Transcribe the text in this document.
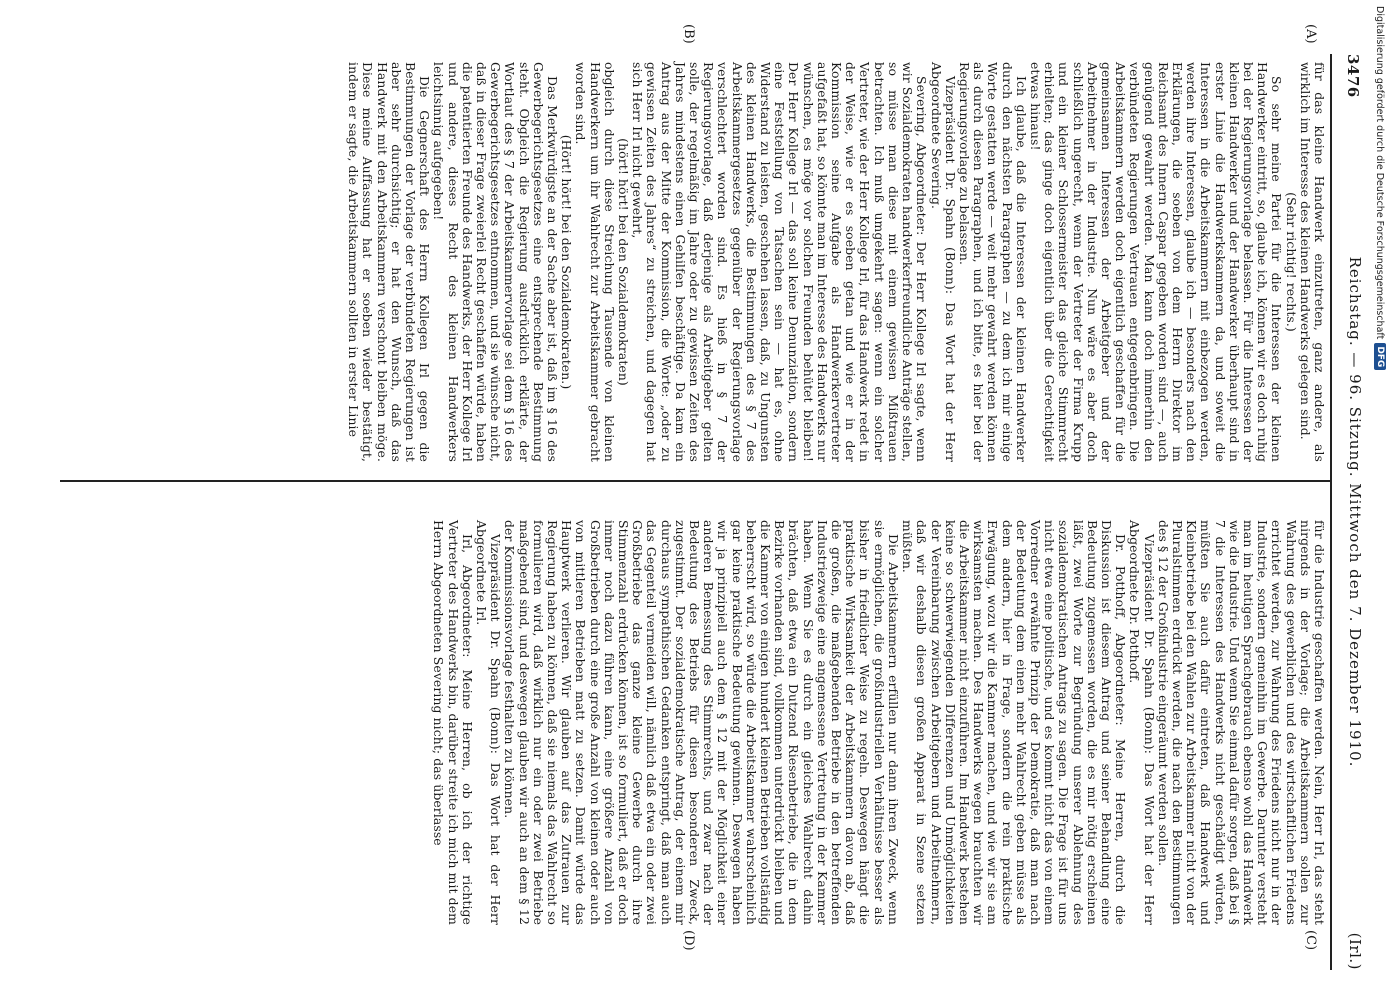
3476
Reichstag. — 96. Sitzung. Mittwoch den 7. Dezember 1910.
(Irl.)
(A)
(B)
(C)
(D)

für das kleine Handwerk einzutreten, ganz andere, als wirklich im Interesse des kleinen Handwerks gelegen sind.

(Sehr richtig! rechts.)

So sehr meine Partei für die Interessen der kleinen Handwerker eintritt, so, glaube ich, können wir es doch ruhig bei der Regierungsvorlage belassen. Für die Interessen der kleinen Handwerker und der Handwerker überhaupt sind in erster Linie die Handwerkskammern da, und soweit die Interessen in die Arbeitskammern mit einbezogen werden, werden ihre Interessen, glaube ich — besonders nach den Erklärungen, die soeben von dem Herrn Direktor im Reichsamt des Innern Caspar gegeben worden sind —, auch genügend gewahrt werden. Man kann doch immerhin den verbündeten Regierungen Vertrauen entgegenbringen. Die Arbeitskammern werden doch eigentlich geschaffen für die gemeinsamen Interessen der Arbeitgeber und der Arbeitnehmer in der Industrie. Nun wäre es aber doch schließlich ungerecht, wenn der Vertreter der Firma Krupp und ein kleiner Schlossermeister das gleiche Stimmrecht erhielten; das ginge doch eigentlich über die Gerechtigkeit etwas hinaus!

Ich glaube, daß die Interessen der kleinen Handwerker durch den nächsten Paragraphen — zu dem ich mir einige Worte gestatten werde — weit mehr gewahrt werden können als durch diesen Paragraphen, und ich bitte, es hier bei der Regierungsvorlage zu belassen.

Vizepräsident Dr. Spahn (Bonn): Das Wort hat der Herr Abgeordnete Severing.

Severing, Abgeordneter: Der Herr Kollege Irl sagte, wenn wir Sozialdemokraten handwerkerfreundliche Anträge stellen, so müsse man diese mit einem gewissen Mißtrauen betrachten. Ich muß umgekehrt sagen: wenn ein solcher Vertreter, wie der Herr Kollege Irl, für das Handwerk redet in der Weise, wie er es soeben getan und wie er in der Kommission seine Aufgabe als Handwerkervertreter aufgefaßt hat, so könnte man im Interesse des Handwerks nur wünschen, es möge vor solchen Freunden behütet bleiben! Der Herr Kollege Irl — das soll keine Denunziation, sondern eine Feststellung von Tatsachen sein — hat es, ohne Widerstand zu leisten, geschehen lassen, daß, zu Ungunsten des kleinen Handwerks, die Bestimmungen des § 7 des Arbeitskammergesetzes gegenüber der Regierungsvorlage verschlechtert worden sind. Es hieß in § 7 der Regierungsvorlage, daß derjenige als Arbeitgeber gelten solle, der regelmäßig im Jahre oder zu gewissen Zeiten des Jahres mindestens einen Gehilfen beschäftige. Da kam ein Antrag aus der Mitte der Kommission, die Worte: „oder zu gewissen Zeiten des Jahres“ zu streichen, und dagegen hat sich Herr Irl nicht gewehrt,

(hört! hört! bei den Sozialdemokraten)

obgleich durch diese Streichung Tausende von kleinen Handwerkern um ihr Wahlrecht zur Arbeitskammer gebracht worden sind.

(Hört! hört! bei den Sozialdemokraten.)

Das Merkwürdigste an der Sache aber ist, daß im § 16 des Gewerbegerichtsgesetzes eine entsprechende Bestimmung steht. Obgleich die Regierung ausdrücklich erklärte, der Wortlaut des § 7 der Arbeitskammervorlage sei dem § 16 des Gewerbegerichtsgesetzes entnommen, und sie wünsche nicht, daß in dieser Frage zweierlei Recht geschaffen würde, haben die patentierten Freunde des Handwerks, der Herr Kollege Irl und andere, dieses Recht des kleinen Handwerkers leichtsinnig aufgegeben!

Die Gegnerschaft des Herrn Kollegen Irl gegen die Bestimmungen der Vorlage der verbündeten Regierungen ist aber sehr durchsichtig; er hat den Wunsch, daß das Handwerk mit den Arbeitskammern verschont bleiben möge. Diese meine Auffassung hat er soeben wieder bestätigt, indem er sagte, die Arbeitskammern sollten in erster Linie

für die Industrie geschaffen werden. Nein, Herr Irl, das steht nirgends in der Vorlage; die Arbeitskammern sollen zur Wahrung des gewerblichen und des wirtschaftlichen Friedens errichtet werden, zur Wahrung des Friedens nicht nur in der Industrie, sondern gemeinhin im Gewerbe. Darunter versteht man im heutigen Sprachgebrauch ebenso wohl das Handwerk wie die Industrie. Und wenn Sie einmal dafür sorgen, daß bei § 7 die Interessen des Handwerks nicht geschädigt würden, müßten Sie auch dafür eintreten, daß Handwerk und Kleinbetriebe bei den Wahlen zur Arbeitskammer nicht von der Pluralstimmen erdrückt werden, die nach den Bestimmungen des § 12 der Großindustrie eingeräumt werden sollen.

Vizepräsident Dr. Spahn (Bonn): Das Wort hat der Herr Abgeordnete Dr. Potthoff.

Dr. Potthoff, Abgeordneter: Meine Herren, durch die Diskussion ist diesem Antrag und seiner Behandlung eine Bedeutung zugemessen worden, die es mir nötig erscheinen läßt, zwei Worte zur Begründung unserer Ablehnung des sozialdemokratischen Antrags zu sagen. Die Frage ist für uns nicht etwa eine politische, und es kommt nicht das von einem Vorredner erwähnte Prinzip der Demokratie, daß man nach der Bedeutung dem einen mehr Wahlrecht geben müsse als dem andern, hier in Frage, sondern die rein praktische Erwägung, wozu wir die Kammer machen, und wie wir sie am wirksamsten machen. Des Handwerks wegen brauchten wir die Arbeitskammer nicht einzuführen. Im Handwerk bestehen keine so schwerwiegenden Differenzen und Unmöglichkeiten der Vereinbarung zwischen Arbeitgebern und Arbeitnehmern, daß wir deshalb diesen großen Apparat in Szene setzen müßten.

Die Arbeitskammern erfüllen nur dann ihren Zweck, wenn sie ermöglichen, die großindustriellen Verhältnisse besser als bisher in friedlicher Weise zu regeln. Deswegen hängt die praktische Wirksamkeit der Arbeitskammern davon ab, daß die großen, die maßgebenden Betriebe in den betreffenden Industriezweige eine angemessene Vertretung in der Kammer haben. Wenn Sie es durch ein gleiches Wahlrecht dahin brächten, daß etwa ein Dutzend Riesenbetriebe, die in dem Bezirke vorhanden sind, vollkommen unterdrückt bleiben und die Kammer von einigen hundert kleinen Betrieben vollständig beherrscht wird, so würde die Arbeitskammer wahrscheinlich gar keine praktische Bedeutung gewinnen. Deswegen haben wir ja prinzipiell auch dem § 12 mit der Möglichkeit einer anderen Bemessung des Stimmrechts, und zwar nach der Bedeutung des Betriebs für diesen besonderen Zweck, zugestimmt. Der sozialdemokratische Antrag, der einem mir durchaus sympathischen Gedanken entspringt, daß man auch das Gegenteil vermeiden will, nämlich daß etwa ein oder zwei Großbetriebe das ganze kleine Gewerbe durch ihre Stimmenzahl erdrücken können, ist so formuliert, daß er doch immer noch dazu führen kann, eine größere Anzahl von Großbetrieben durch eine große Anzahl von kleinen oder auch von mittleren Betrieben matt zu setzen. Damit würde das Hauptwerk verlieren. Wir glauben auf das Zutrauen zur Regierung haben zu können, daß sie niemals das Wahlrecht so formulieren wird, daß wirklich nur ein oder zwei Betriebe maßgebend sind, und deswegen glauben wir auch an dem § 12 der Kommissionsvorlage festhalten zu können.

Vizepräsident Dr. Spahn (Bonn): Das Wort hat der Herr Abgeordnete Irl.

Irl, Abgeordneter: Meine Herren, ob ich der richtige Vertreter des Handwerks bin, darüber streite ich mich mit dem Herrn Abgeordneten Severing nicht; das überlasse

Digitalisierung gefördert durch die Deutsche Forschungsgemeinschaft
DFG
